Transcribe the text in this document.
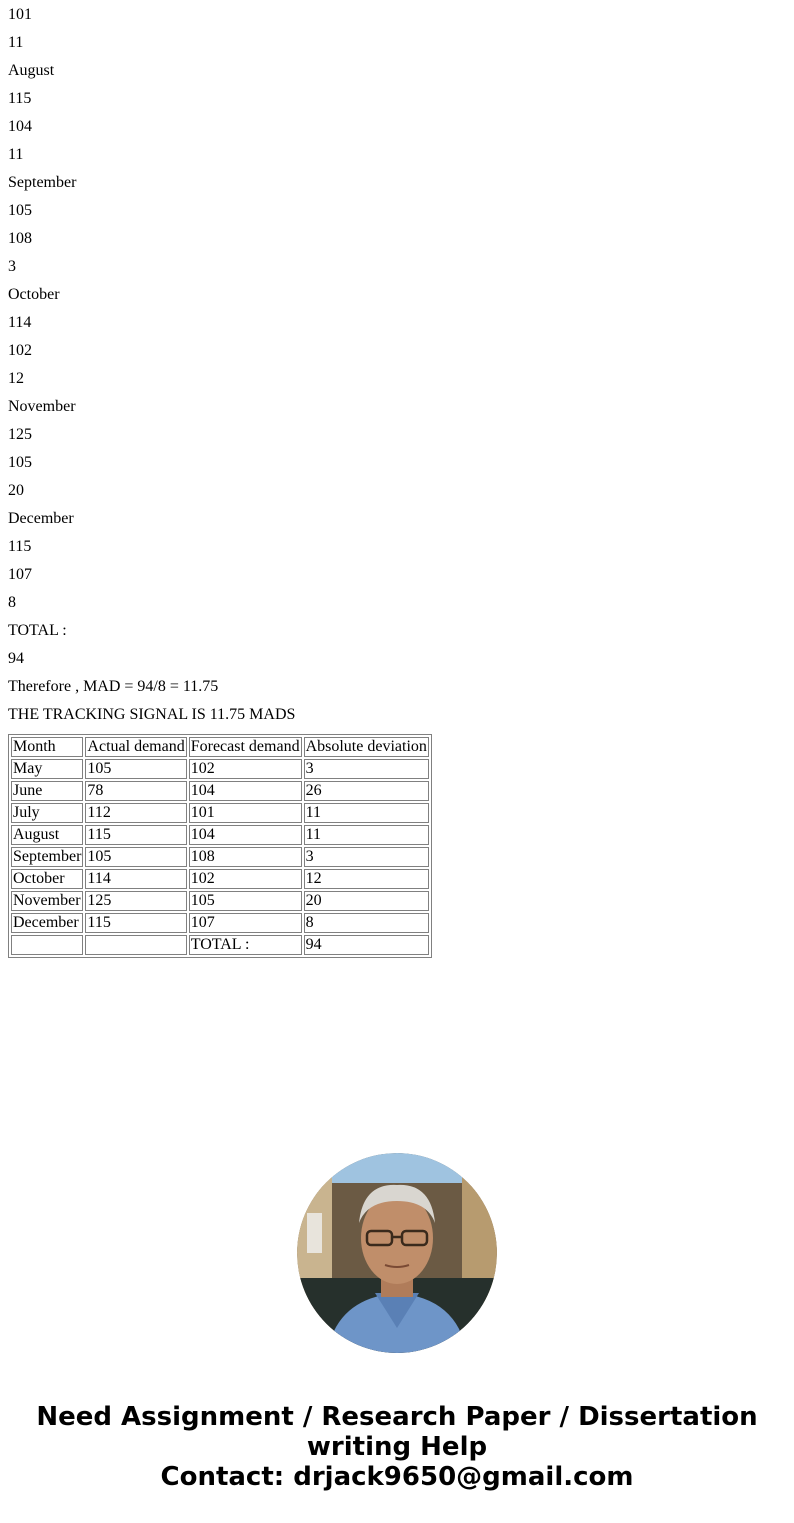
101

11

August

115

104

11

September

105

108

3

October

114

102

12

November

125

105

20

December

115

107

8

TOTAL :

94

Therefore , MAD = 94/8 = 11.75

THE TRACKING SIGNAL IS 11.75 MADS

Month	Actual demand	Forecast demand	Absolute deviation
May	105	102	3
June	78	104	26
July	112	101	11
August	115	104	11
September	105	108	3
October	114	102	12
November	125	105	20
December	115	107	8
		TOTAL :	94
Need Assignment / Research Paper / Dissertation
writing Help
Contact: drjack9650@gmail.com
